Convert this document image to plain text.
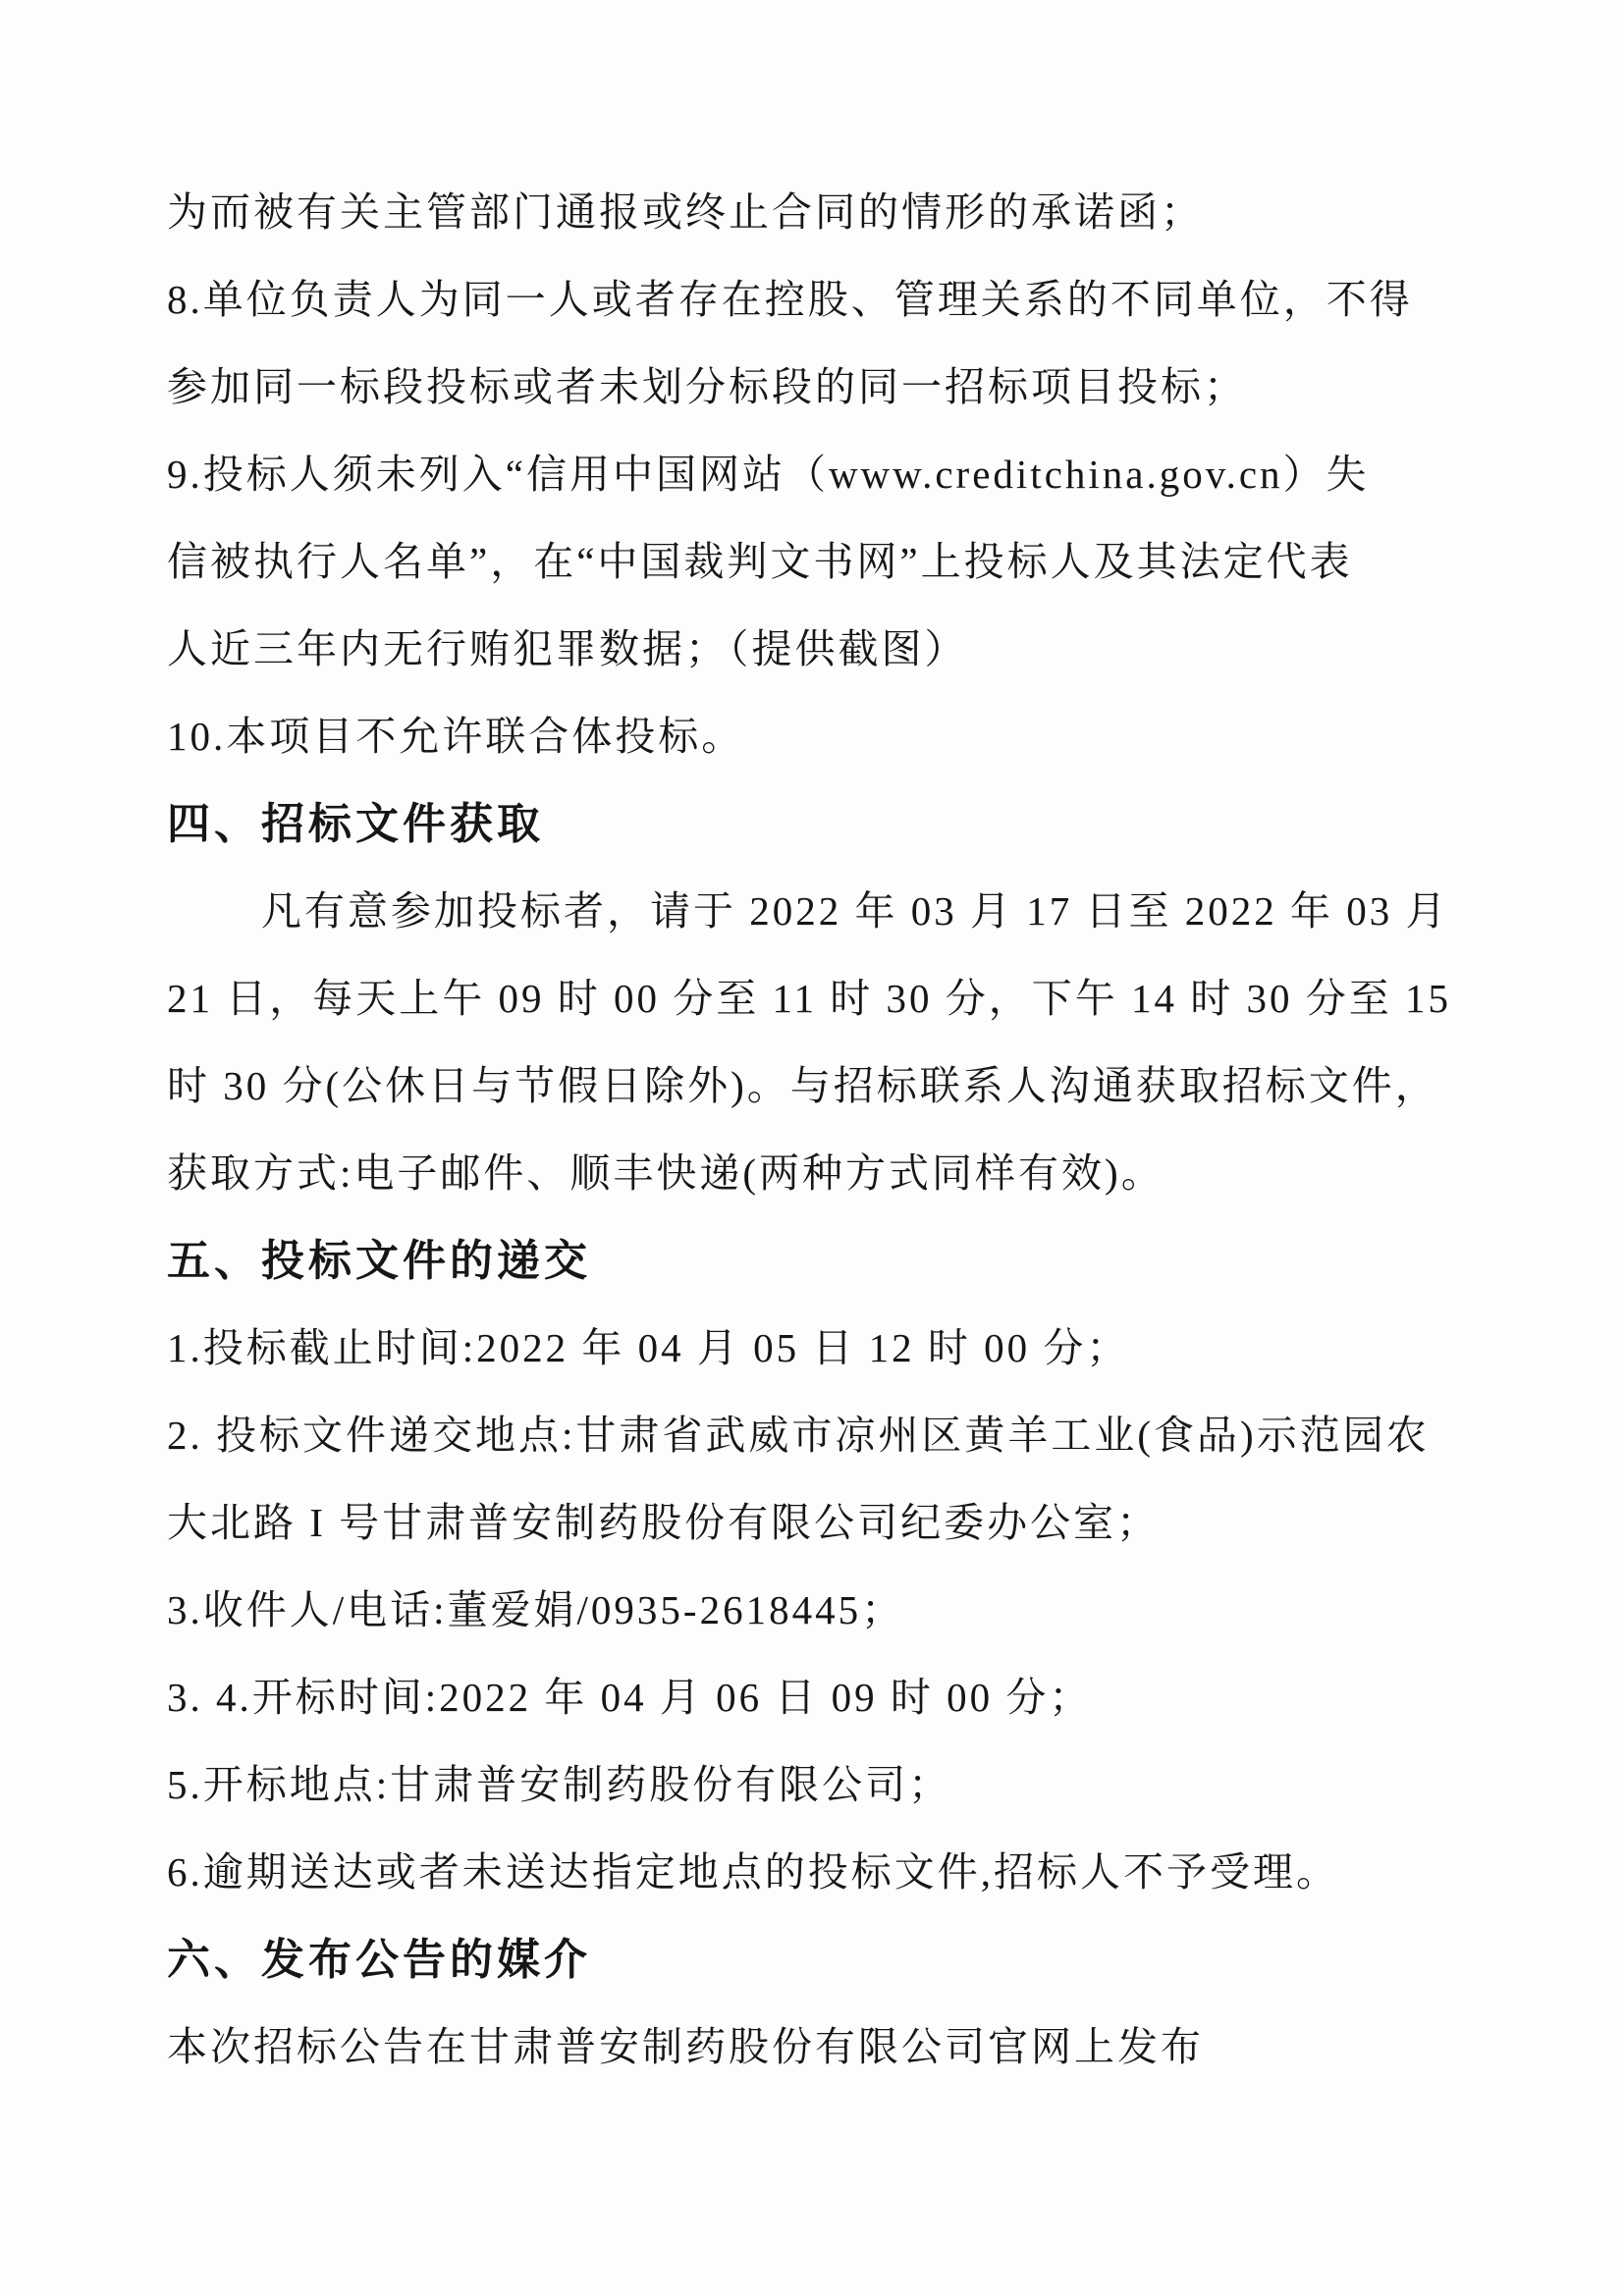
为而被有关主管部门通报或终止合同的情形的承诺函；
8.单位负责人为同一人或者存在控股、管理关系的不同单位，不得
参加同一标段投标或者未划分标段的同一招标项目投标；
9.投标人须未列入“信用中国网站（www.creditchina.gov.cn）失
信被执行人名单”，在“中国裁判文书网”上投标人及其法定代表
人近三年内无行贿犯罪数据；（提供截图）
10.本项目不允许联合体投标。
四、招标文件获取
凡有意参加投标者，请于 2022 年 03 月 17 日至 2022 年 03 月
21 日，每天上午 09 时 00 分至 11 时 30 分，下午 14 时 30 分至 15
时 30 分(公休日与节假日除外)。与招标联系人沟通获取招标文件，
获取方式:电子邮件、顺丰快递(两种方式同样有效)。
五、投标文件的递交
1.投标截止时间:2022 年 04 月 05 日 12 时 00 分；
2. 投标文件递交地点:甘肃省武威市凉州区黄羊工业(食品)示范园农
大北路 I 号甘肃普安制药股份有限公司纪委办公室；
3.收件人/电话:董爱娟/0935-2618445；
3. 4.开标时间:2022 年 04 月 06 日 09 时 00 分；
5.开标地点:甘肃普安制药股份有限公司；
6.逾期送达或者未送达指定地点的投标文件,招标人不予受理。
六、发布公告的媒介
本次招标公告在甘肃普安制药股份有限公司官网上发布
